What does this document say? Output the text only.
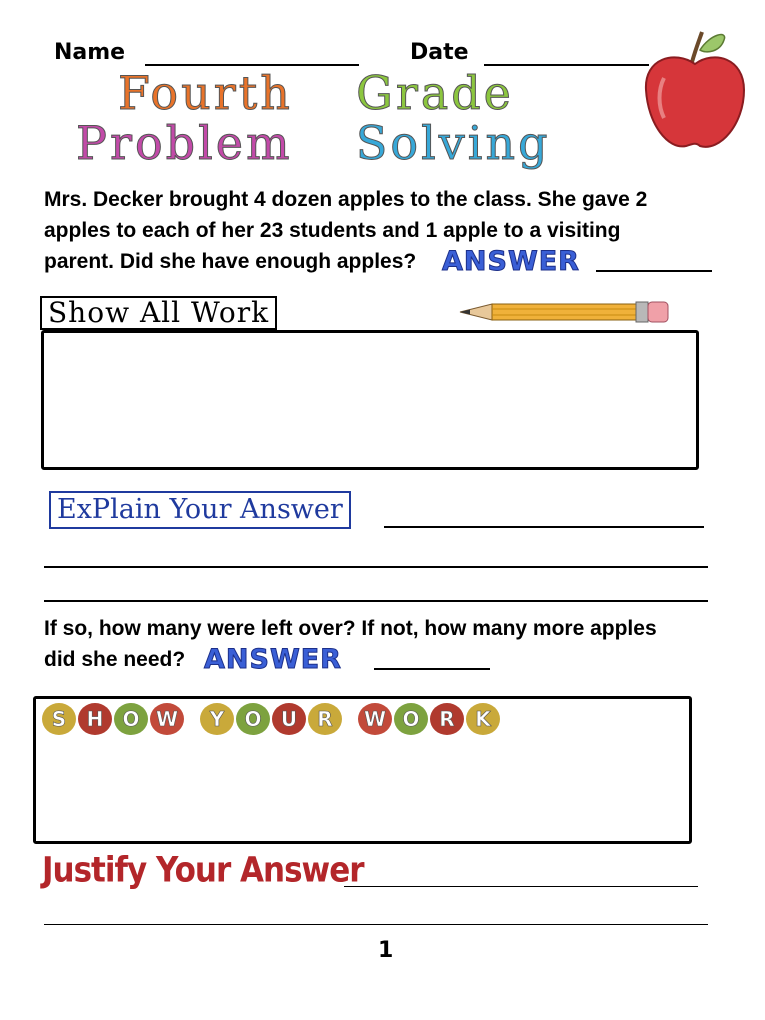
Name	Date
Fourth Grade
Problem Solving
Mrs. Decker brought 4 dozen apples to the class. She gave 2
apples to each of her 23 students and 1 apple to a visiting
parent. Did she have enough apples? ANSWER
Show All Work
ExPlain Your Answer
If so, how many were left over? If not, how many more apples
did she need? ANSWER
S H O W Y O U R W O R K
Justify Your Answer
1
